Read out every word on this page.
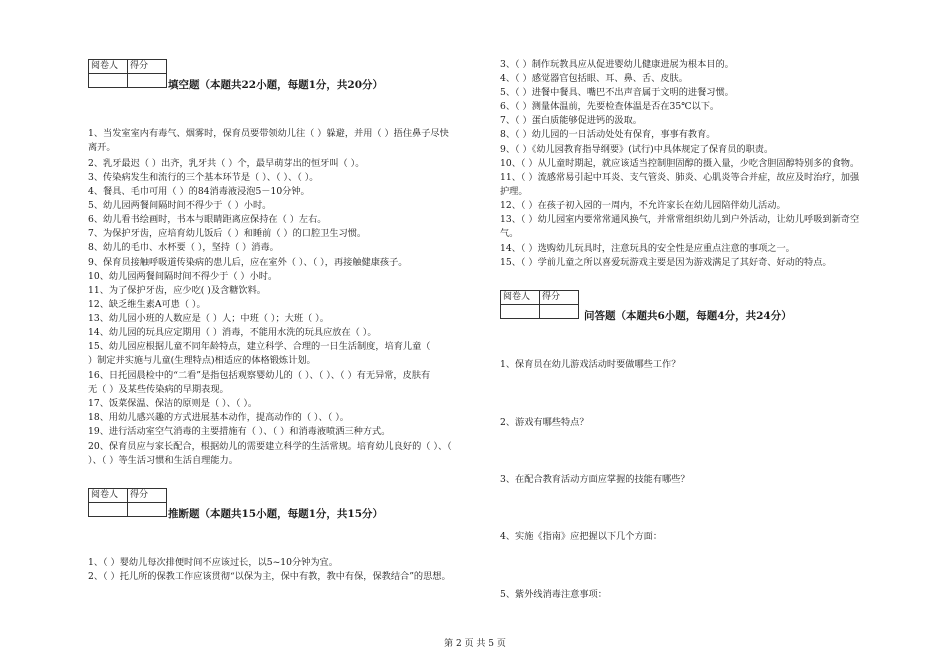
阅卷人	得分

填空题（本题共22小题，每题1分，共20分）
1、当发室室内有毒气、烟雾时，保育员要带领幼儿往（ ）躲避，并用（ ）捂住鼻子尽快
离开。
2、乳牙最迟（ ）出齐，乳牙共（ ）个，最早萌芽出的恒牙叫（ ）。
3、传染病发生和流行的三个基本环节是（ ）、（ ）、（ ）。
4、餐具、毛巾可用（ ）的84消毒液浸泡5－10分钟。
5、幼儿园两餐间隔时间不得少于（ ）小时。
6、幼儿看书绘画时，书本与眼睛距离应保持在（ ）左右。
7、为保护牙齿，应培育幼儿饭后（ ）和睡前（ ）的口腔卫生习惯。
8、幼儿的毛巾、水杯要（ ），坚持（ ）消毒。
9、保育员接触呼吸道传染病的患儿后，应在室外（ ）、（ ），再接触健康孩子。
10、幼儿园两餐间隔时间不得少于（ ）小时。
11、为了保护牙齿，应少吃( )及含糖饮料。
12、缺乏维生素A可患（ ）。
13、幼儿园小班的人数应是（ ）人；中班（ ）；大班（ ）。
14、幼儿园的玩具应定期用（ ）消毒，不能用水洗的玩具应放在（ ）。
15、幼儿园应根据儿童不同年龄特点，建立科学、合理的一日生活制度，培育儿童（
）制定并实施与儿童(生理特点)相适应的体格锻炼计划。
16、日托园晨检中的“二看”是指包括观察婴幼儿的（ ）、（ ）、（ ）有无异常，皮肤有
无（ ）及某些传染病的早期表现。
17、饭菜保温、保洁的原则是（ ）、（ ）。
18、用幼儿感兴趣的方式进展基本动作，提高动作的（ ）、（ ）。
19、进行活动室空气消毒的主要措施有（ ）、（ ）和消毒液喷洒三种方式。
20、保育员应与家长配合，根据幼儿的需要建立科学的生活常规。培育幼儿良好的（ ）、（
）、（ ）等生活习惯和生活自理能力。
阅卷人	得分

推断题（本题共15小题，每题1分，共15分）
1、（ ）婴幼儿每次排便时间不应该过长，以5~10分钟为宜。
2、（ ）托儿所的保教工作应该贯彻“以保为主，保中有教，教中有保，保教结合”的思想。
3、（ ）制作玩教具应从促进婴幼儿健康进展为根本目的。
4、（ ）感觉器官包括眼、耳、鼻、舌、皮肤。
5、（ ）进餐中餐具、嘴巴不出声音属于文明的进餐习惯。
6、（ ）测量体温前，先要检查体温是否在35℃以下。
7、（ ）蛋白质能够促进钙的汲取。
8、（ ）幼儿园的一日活动处处有保育，事事有教育。
9、（ ）《幼儿园教育指导纲要》(试行)中具体规定了保育员的职责。
10、（ ）从儿童时期起，就应该适当控制胆固醇的摄入量，少吃含胆固醇特别多的食物。
11、（ ）流感常易引起中耳炎、支气管炎、肺炎、心肌炎等合并症，故应及时治疗，加强
护理。
12、（ ）在孩子初入园的一周内，不允许家长在幼儿园陪伴幼儿活动。
13、（ ）幼儿园室内要常常通风换气，并常常组织幼儿到户外活动，让幼儿呼吸到新奇空
气。
14、（ ）选购幼儿玩具时，注意玩具的安全性是应重点注意的事项之一。
15、（ ）学前儿童之所以喜爱玩游戏主要是因为游戏满足了其好奇、好动的特点。
阅卷人	得分

问答题（本题共6小题，每题4分，共24分）
1、保育员在幼儿游戏活动时要做哪些工作？
2、游戏有哪些特点？
3、在配合教育活动方面应掌握的技能有哪些？
4、实施《指南》应把握以下几个方面：
5、紫外线消毒注意事项：
第 2 页 共 5 页
